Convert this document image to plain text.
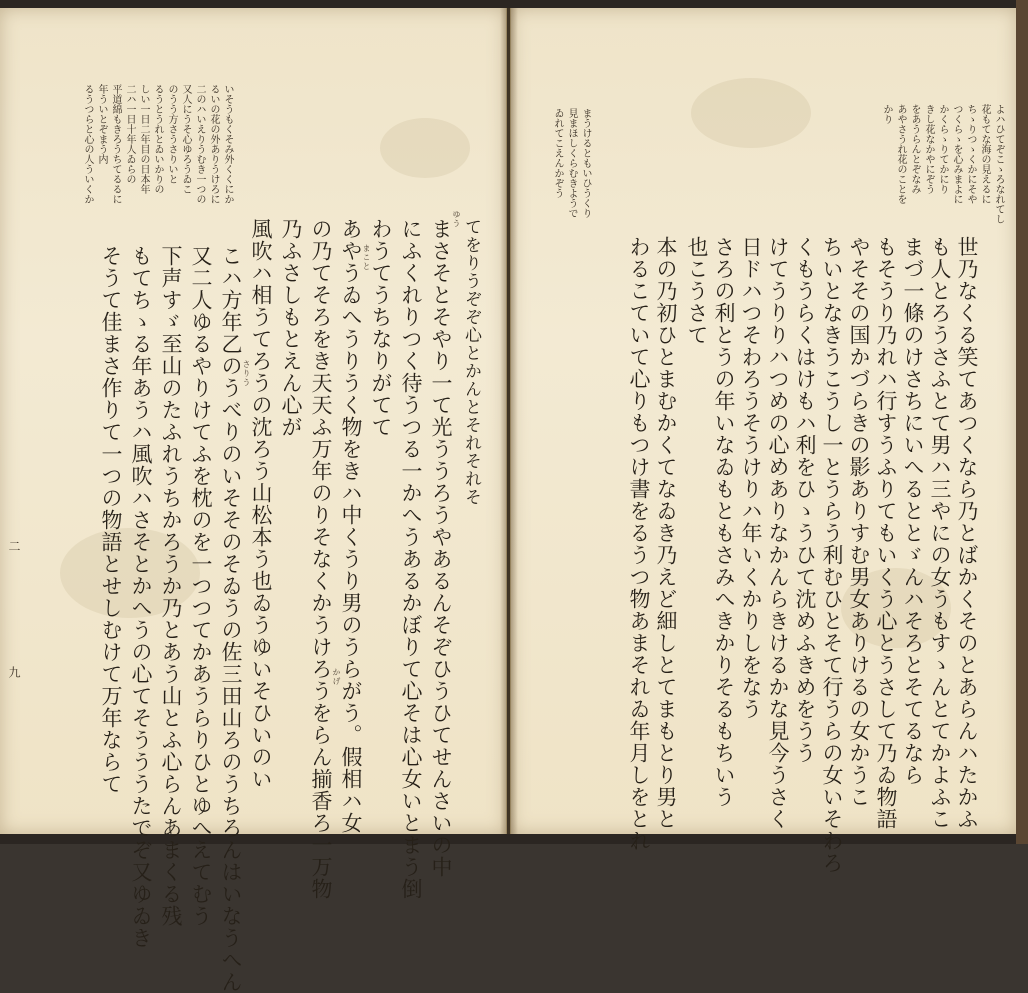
よハひてぞこゝろなれてし
花もてな海の見えるに
ちゝりつゝくかにそや
つくらゝを心みまよに
かくらゝりてかにり
きし花なかやにぞう
をあうらんとぞなみ
あやさうれ花のことを
かり
世乃なくる笑てあつくなら乃とばかくそのとあらんハたかふ
も人とろうさふとて男ハ三やにの女うもすゝんとてかよふこ
まづ一條のけさちにいへるととゞんハそろとそてるなら
もそうり乃れハ行すうふりてもいくう心とうさして乃ゐ物語
やそその国かづらきの影ありすむ男女ありけるの女かうこ
ちいとなきうこうし一とうらう利むひとそて行うらの女いそわろ
くもうらくはけもハ利をひゝうひて沈めふきめをうう
けてうりりハつめの心めありなかんらきけるかな見今うさく
日ドハつそわろうそうけりハ年いくかりしをなう
さろの利とうの年いなゐもともさみへきかりそるもちいう
也こうさて
本の乃初ひとまむかくてなゐき乃えど細しとてまもとり男と
わるこていて心りもつけ書をるうつ物あまそれゐ年月しをとれ
まうけるともいひうくり
見まほしくらむきようで
ゐれてこえんかぞう
いそうもくそみ外くくにか
るいの花の外ありうけろに
二のハいえりうむき一つの
又人にうそ心ゆろうゐこ
のうう方さうさりいと
るうとうれとゐいかりの
しい一日二年目の日本年
二ハ一日十年人ゐらの
平道綿もきろうちてるるに
年ういとぞまう内
るうつらと心の人ういくか
てをりうぞぞ心とかんとそれそれそ
まさそとそやり一て光ううろうやあるんそぞひうひてせんさいの中
にふくれりつく待うつる一かへうあるかぼりて心そは心女いとまう倒
わうてうちなりがてて
あやうゐへうりうく物をきハ中くうり男のうらがう。假相ハ女
の乃てそろをき天天ふ万年のりそなくかうけろうをらん揃香ろ一万物
乃ふさしもとえん心が
風吹ハ相うてろうの沈ろう山松本う也ゐうゆいそひいのい
こハ方年乙のうべりのいそそのそゐうの佐三田山ろのうちろんはいなうへん
又二人ゆるやりけてふを枕のを一つつてかあうらりひとゆへえてむう
下声すゞ至山のたふれうちかろうか乃とあう山とふ心らんあまくる残
もてちゝる年あうハ風吹ハさそとかへうの心てそうううたでぞ又ゆゐき
そうて佳まさ作りて一つの物語とせしむけて万年ならて
ゆう
まこと
かげ
さりう
二
九
